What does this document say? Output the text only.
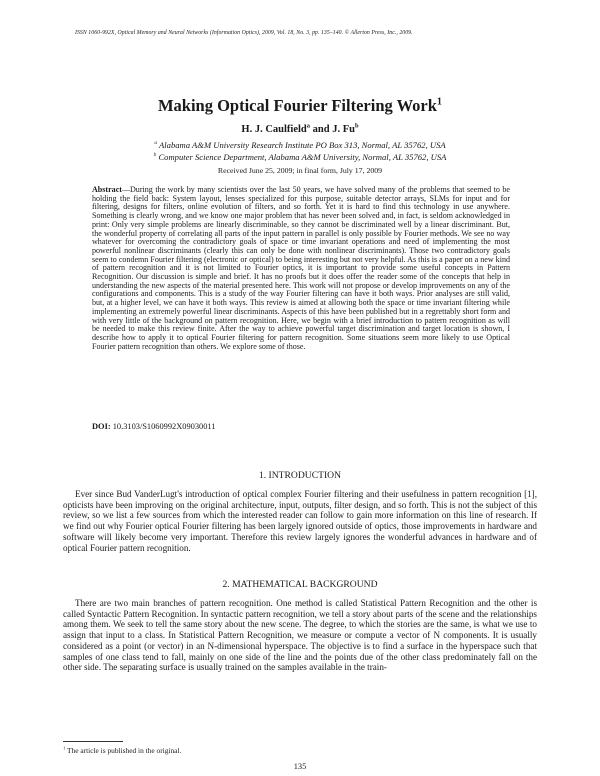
ISSN 1060-992X, Optical Memory and Neural Networks (Information Optics), 2009, Vol. 18, No. 3, pp. 135–140. © Allerton Press, Inc., 2009.
Making Optical Fourier Filtering Work$^1$
H. J. Caulfield$^a$ and J. Fu$^b$
$^a$ Alabama A&M University Research Institute PO Box 313, Normal, AL 35762, USA
$^b$ Computer Science Department, Alabama A&M University, Normal, AL 35762, USA
Received June 25, 2009; in final form, July 17, 2009
Abstract—During the work by many scientists over the last 50 years, we have solved many of the problems that seemed to be holding the field back: System layout, lenses specialized for this purpose, suitable detector arrays, SLMs for input and for filtering, designs for filters, online evolution of filters, and so forth. Yet it is hard to find this technology in use anywhere. Something is clearly wrong, and we know one major problem that has never been solved and, in fact, is seldom acknowledged in print: Only very simple problems are linearly discriminable, so they cannot be discriminated well by a linear discriminant. But, the wonderful property of correlating all parts of the input pattern in parallel is only possible by Fourier methods. We see no way whatever for overcoming the contradictory goals of space or time invariant operations and need of implementing the most powerful nonlinear discriminants (clearly this can only be done with nonlinear discriminants). Those two contradictory goals seem to condemn Fourier filtering (electronic or optical) to being interesting but not very helpful. As this is a paper on a new kind of pattern recognition and it is not limited to Fourier optics, it is important to provide some useful concepts in Pattern Recognition. Our discussion is simple and brief. It has no proofs but it does offer the reader some of the concepts that help in understanding the new aspects of the material presented here. This work will not propose or develop improvements on any of the configurations and components. This is a study of the way Fourier filtering can have it both ways. Prior analyses are still valid, but, at a higher level, we can have it both ways. This review is aimed at allowing both the space or time invariant filtering while implementing an extremely powerful linear discriminants. Aspects of this have been published but in a regrettably short form and with very little of the background on pattern recognition. Here, we begin with a brief introduction to pattern recognition as will be needed to make this review finite. After the way to achieve powerful target discrimination and target location is shown, I describe how to apply it to optical Fourier filtering for pattern recognition. Some situations seem more likely to use Optical Fourier pattern recognition than others. We explore some of those.
DOI: 10.3103/S1060992X09030011
1. INTRODUCTION
Ever since Bud VanderLugt's introduction of optical complex Fourier filtering and their usefulness in pattern recognition [1], opticists have been improving on the original architecture, input, outputs, filter design, and so forth. This is not the subject of this review, so we list a few sources from which the interested reader can follow to gain more information on this line of research. If we find out why Fourier optical Fourier filtering has been largely ignored outside of optics, those improvements in hardware and software will likely become very important. Therefore this review largely ignores the wonderful advances in hardware and of optical Fourier pattern recognition.
2. MATHEMATICAL BACKGROUND
There are two main branches of pattern recognition. One method is called Statistical Pattern Recognition and the other is called Syntactic Pattern Recognition. In syntactic pattern recognition, we tell a story about parts of the scene and the relationships among them. We seek to tell the same story about the new scene. The degree, to which the stories are the same, is what we use to assign that input to a class. In Statistical Pattern Recognition, we measure or compute a vector of N components. It is usually considered as a point (or vector) in an N-dimensional hyperspace. The objective is to find a surface in the hyperspace such that samples of one class tend to fall, mainly on one side of the line and the points due of the other class predominately fall on the other side. The separating surface is usually trained on the samples available in the train-
$^1$ The article is published in the original.
135
